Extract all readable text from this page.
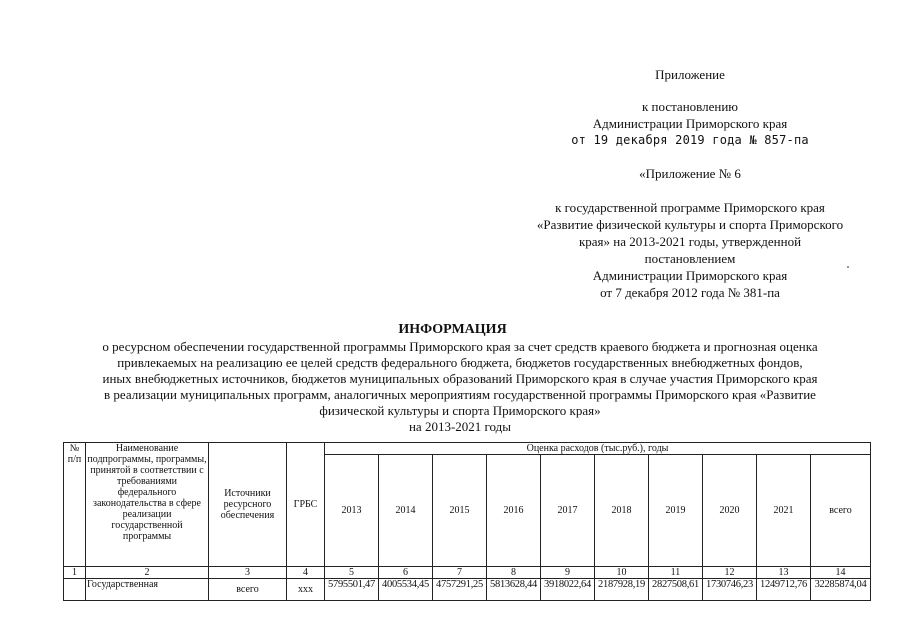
Приложение
к постановлению
Администрации Приморского края
от 19 декабря 2019 года № 857-па
«Приложение № 6
к государственной программе Приморского края
«Развитие физической культуры и спорта Приморского
края» на 2013-2021 годы, утвержденной
постановлением
Администрации Приморского края
от 7 декабря 2012 года № 381-па
ИНФОРМАЦИЯ
о ресурсном обеспечении государственной программы Приморского края за счет средств краевого бюджета и прогнозная оценка
привлекаемых на реализацию ее целей средств федерального бюджета, бюджетов государственных внебюджетных фондов,
иных внебюджетных источников, бюджетов муниципальных образований Приморского края в случае участия Приморского края
в реализации муниципальных программ, аналогичных мероприятиям государственной программы Приморского края «Развитие
физической культуры и спорта Приморского края»
на 2013-2021 годы
№ п/п	Наименование подпрограммы, программы, принятой в соответствии с требованиями федерального законодательства в сфере реализации государственной программы	Источники ресурсного обеспечения	ГРБС	Оценка расходов (тыс.руб.), годы									
				2013	2014	2015	2016	2017	2018	2019	2020	2021	всего
1	2	3	4	5	6	7	8	9	10	11	12	13	14
	Государственная	всего	ххх	5795501,47	4005534,45	4757291,25	5813628,44	3918022,64	2187928,19	2827508,61	1730746,23	1249712,76	32285874,04
